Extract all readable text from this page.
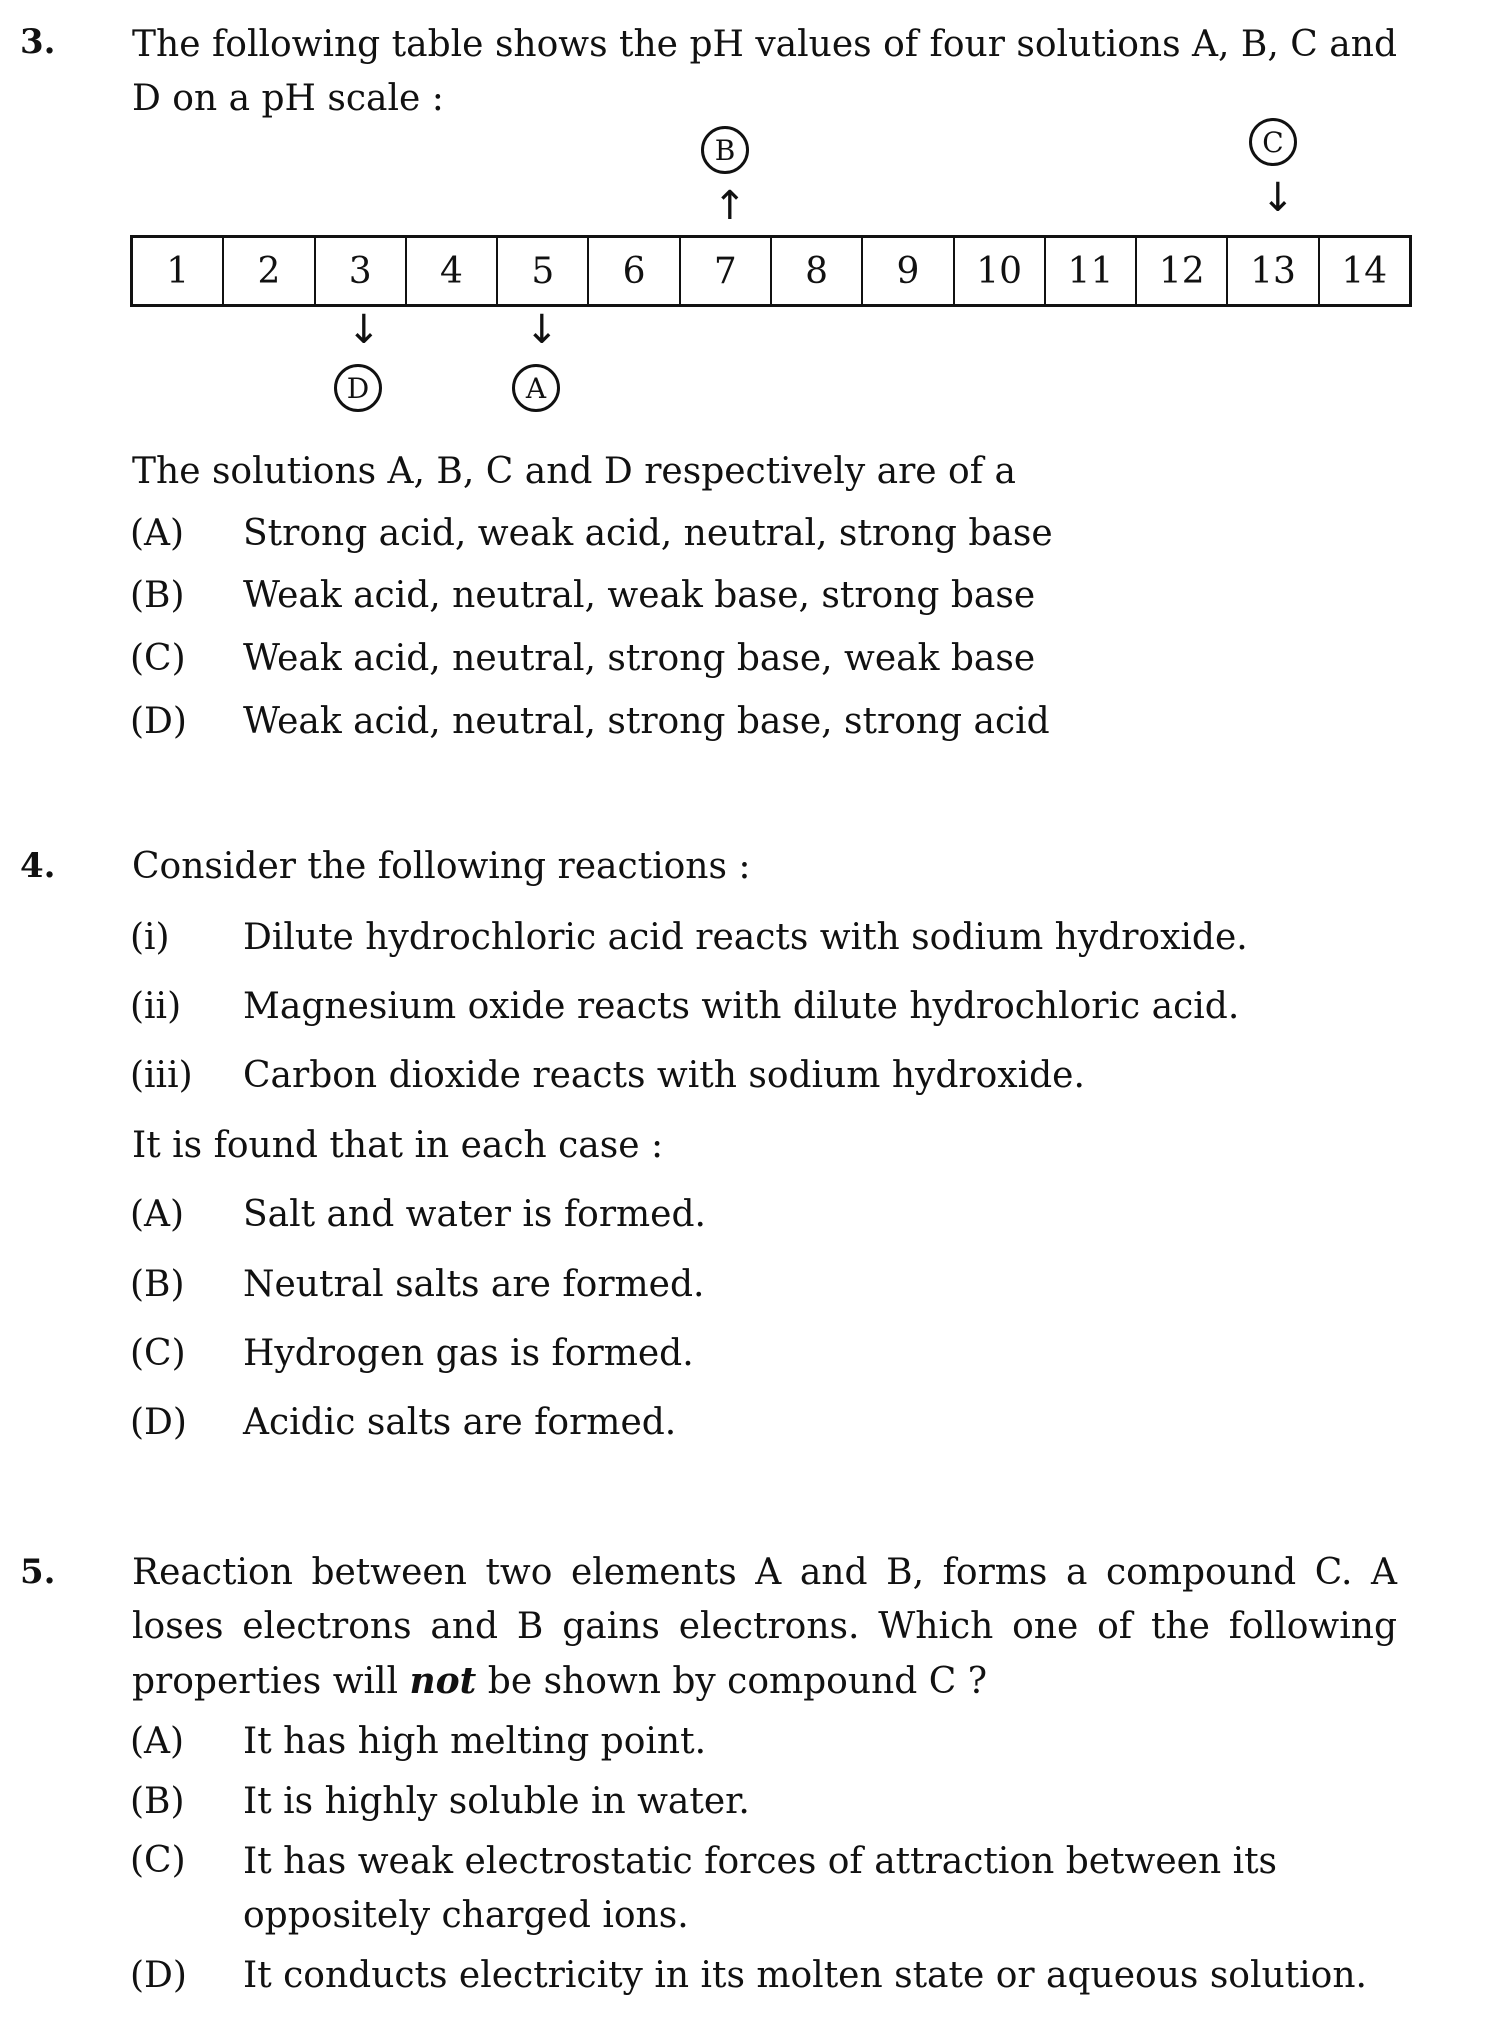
3. The following table shows the pH values of four solutions A, B, C and D on a pH scale :
B
↑
C
↓
1	2	3	4	5	6	7	8	9	10	11	12	13	14
↓
D
↓
A
The solutions A, B, C and D respectively are of a
(A) Strong acid, weak acid, neutral, strong base
(B) Weak acid, neutral, weak base, strong base
(C) Weak acid, neutral, strong base, weak base
(D) Weak acid, neutral, strong base, strong acid
4. Consider the following reactions :
(i) Dilute hydrochloric acid reacts with sodium hydroxide.
(ii) Magnesium oxide reacts with dilute hydrochloric acid.
(iii) Carbon dioxide reacts with sodium hydroxide.
It is found that in each case :
(A) Salt and water is formed.
(B) Neutral salts are formed.
(C) Hydrogen gas is formed.
(D) Acidic salts are formed.
5. Reaction between two elements A and B, forms a compound C. A loses electrons and B gains electrons. Which one of the following properties will not be shown by compound C ?
(A) It has high melting point.
(B) It is highly soluble in water.
(C) It has weak electrostatic forces of attraction between its oppositely charged ions.
(D) It conducts electricity in its molten state or aqueous solution.
